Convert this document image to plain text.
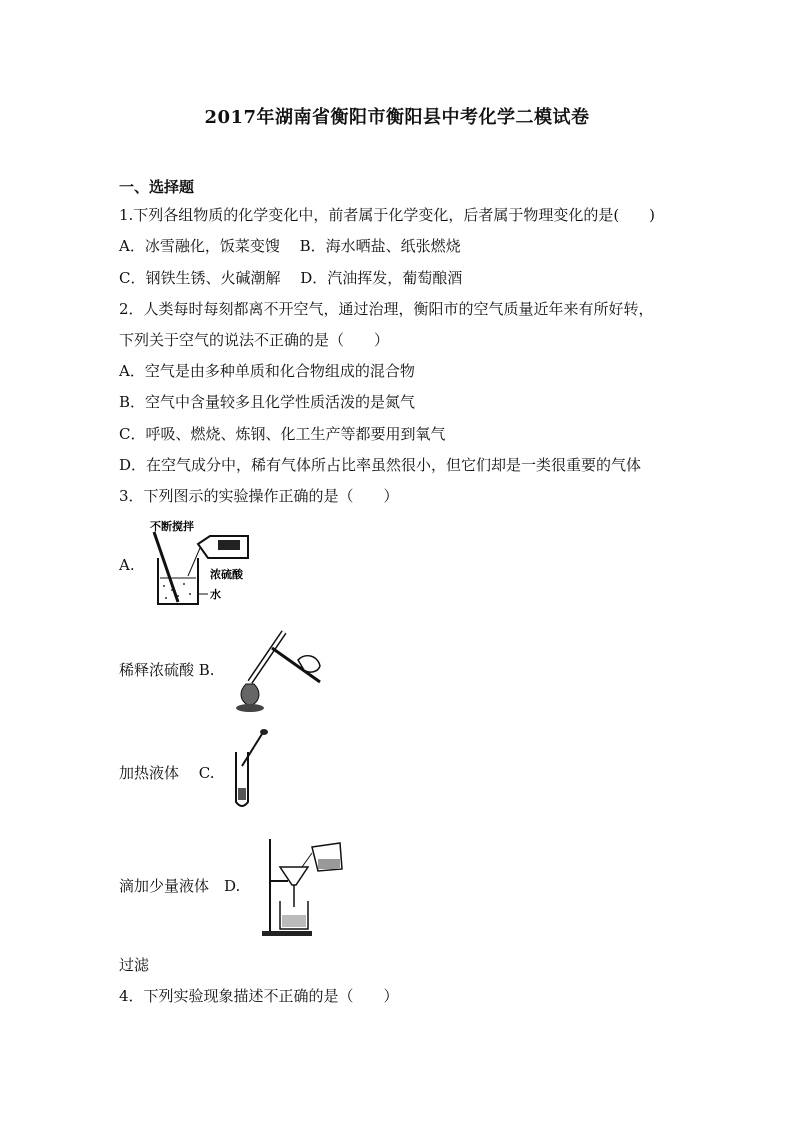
2017年湖南省衡阳市衡阳县中考化学二模试卷
一、选择题
1.下列各组物质的化学变化中，前者属于化学变化，后者属于物理变化的是(　　)
A．冰雪融化，饭菜变馊　 B．海水晒盐、纸张燃烧
C．钢铁生锈、火碱潮解　 D．汽油挥发，葡萄酿酒
2．人类每时每刻都离不开空气，通过治理，衡阳市的空气质量近年来有所好转，
下列关于空气的说法不正确的是（　　）
A．空气是由多种单质和化合物组成的混合物
B．空气中含量较多且化学性质活泼的是氮气
C．呼吸、燃烧、炼钢、化工生产等都要用到氧气
D．在空气成分中，稀有气体所占比率虽然很小，但它们却是一类很重要的气体
3．下列图示的实验操作正确的是（　　）
A.
不断搅拌
浓硫酸
水
稀释浓硫酸 B.
加热液体　 C.
滴加少量液体　D.
过滤
4．下列实验现象描述不正确的是（　　）
